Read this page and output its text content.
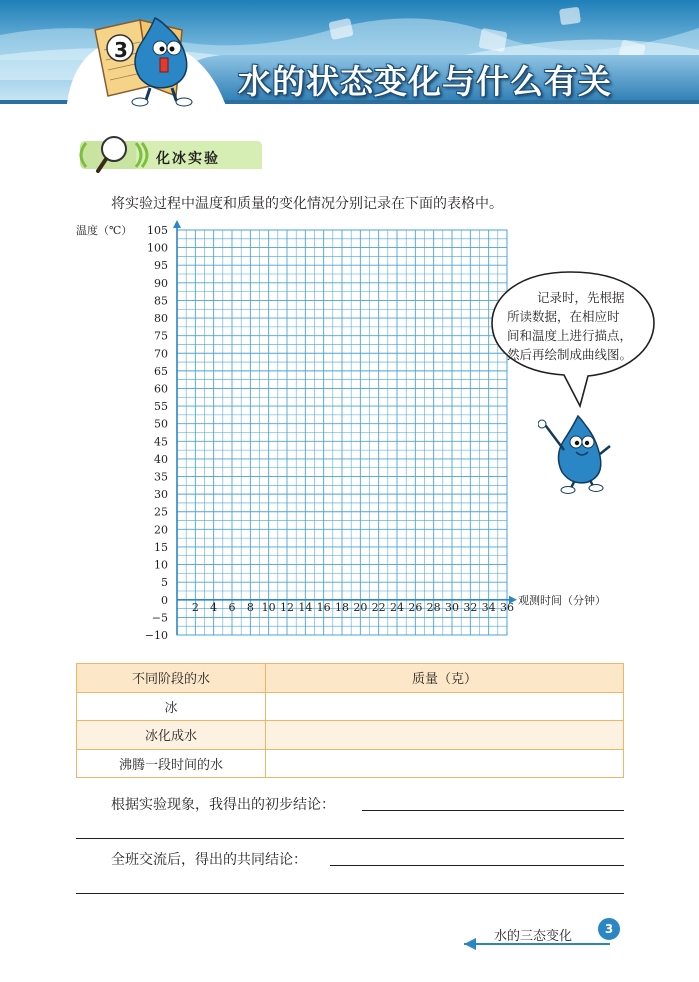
3
水的状态变化与什么有关
化冰实验
将实验过程中温度和质量的变化情况分别记录在下面的表格中。
105
100
95
90
85
80
75
70
65
60
55
50
45
40
35
30
25
20
15
10
5
0
−5
−10
2 4 6 8 10 12 14 16 18 20 22 24 26 28 30 32 34 36
温度（℃）
观测时间（分钟）
记录时，先根据
所读数据，在相应时
间和温度上进行描点，
然后再绘制成曲线图。
不同阶段的水	质量（克）
冰	
冰化成水	
沸腾一段时间的水	
根据实验现象，我得出的初步结论：
全班交流后，得出的共同结论：
水的三态变化	3
